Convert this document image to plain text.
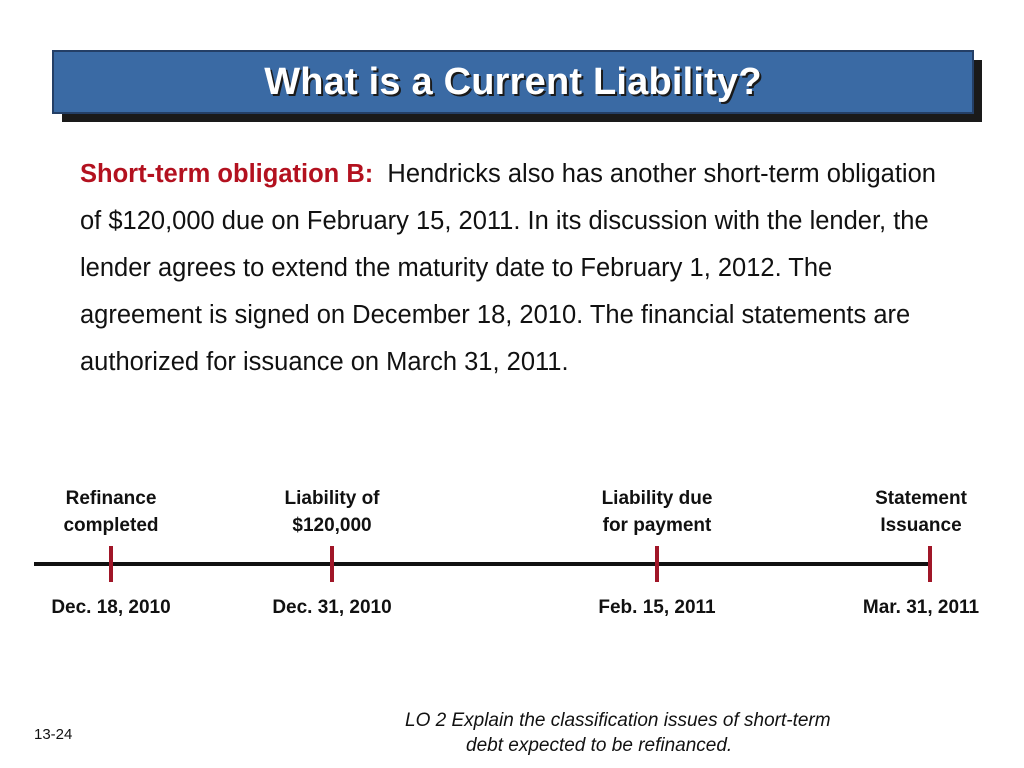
What is a Current Liability?
Short-term obligation B: Hendricks also has another short-term obligation of $120,000 due on February 15, 2011. In its discussion with the lender, the lender agrees to extend the maturity date to February 1, 2012. The agreement is signed on December 18, 2010. The financial statements are authorized for issuance on March 31, 2011.
Refinance
completed
Liability of
$120,000
Liability due
for payment
Statement
Issuance
Dec. 18, 2010	Dec. 31, 2010	Feb. 15, 2011	Mar. 31, 2011
13-24
LO 2 Explain the classification issues of short-term
debt expected to be refinanced.
